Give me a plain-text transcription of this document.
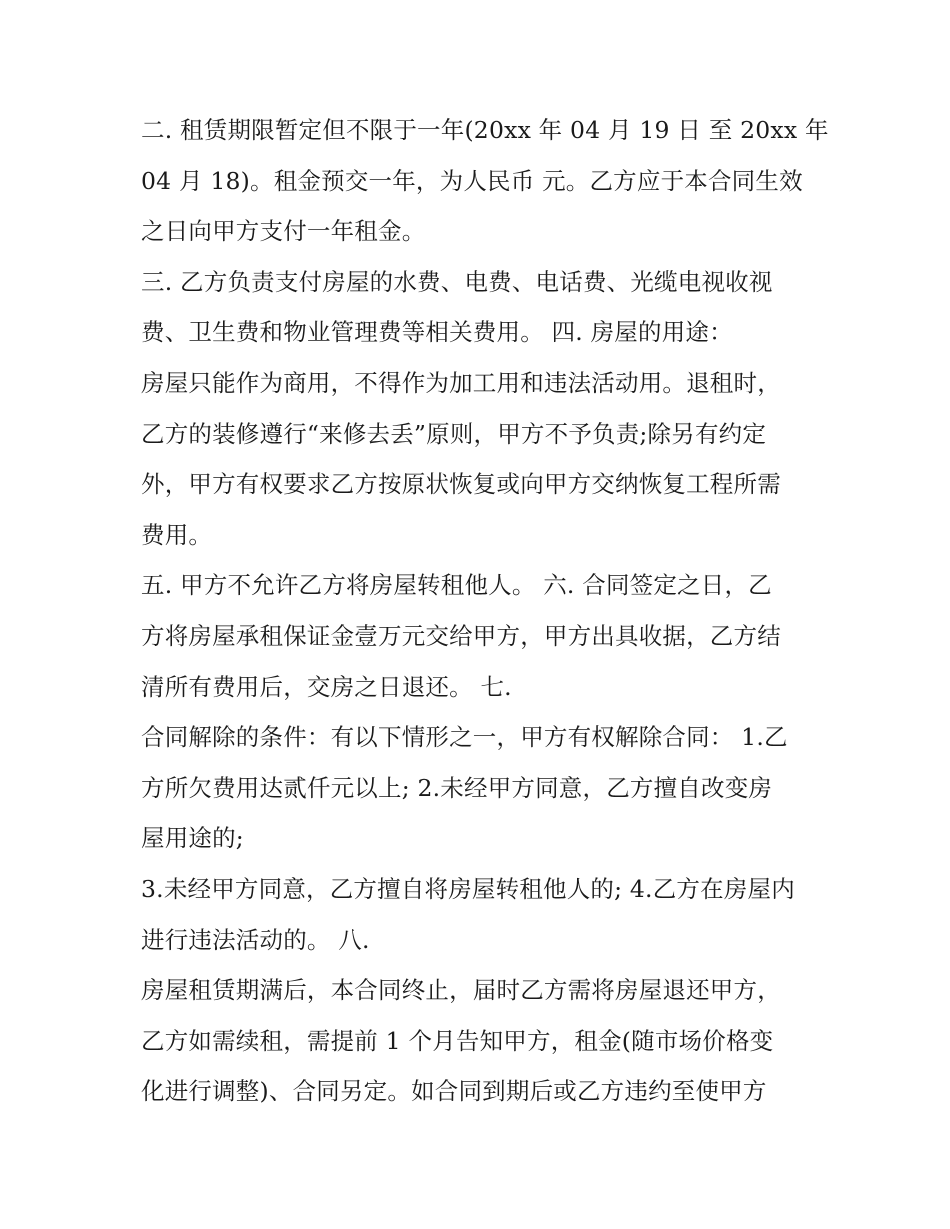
二. 租赁期限暂定但不限于一年(20xx 年 04 月 19 日 至 20xx 年
04 月 18)。租金预交一年，为人民币 元。乙方应于本合同生效
之日向甲方支付一年租金。
三. 乙方负责支付房屋的水费、电费、电话费、光缆电视收视
费、卫生费和物业管理费等相关费用。 四. 房屋的用途：
房屋只能作为商用，不得作为加工用和违法活动用。退租时，
乙方的装修遵行“来修去丢”原则，甲方不予负责;除另有约定
外，甲方有权要求乙方按原状恢复或向甲方交纳恢复工程所需
费用。
五. 甲方不允许乙方将房屋转租他人。 六. 合同签定之日，乙
方将房屋承租保证金壹万元交给甲方，甲方出具收据，乙方结
清所有费用后，交房之日退还。 七.
合同解除的条件：有以下情形之一，甲方有权解除合同： 1.乙
方所欠费用达贰仟元以上; 2.未经甲方同意，乙方擅自改变房
屋用途的;
3.未经甲方同意，乙方擅自将房屋转租他人的; 4.乙方在房屋内
进行违法活动的。 八.
房屋租赁期满后，本合同终止，届时乙方需将房屋退还甲方，
乙方如需续租，需提前 1 个月告知甲方，租金(随市场价格变
化进行调整)、合同另定。如合同到期后或乙方违约至使甲方
